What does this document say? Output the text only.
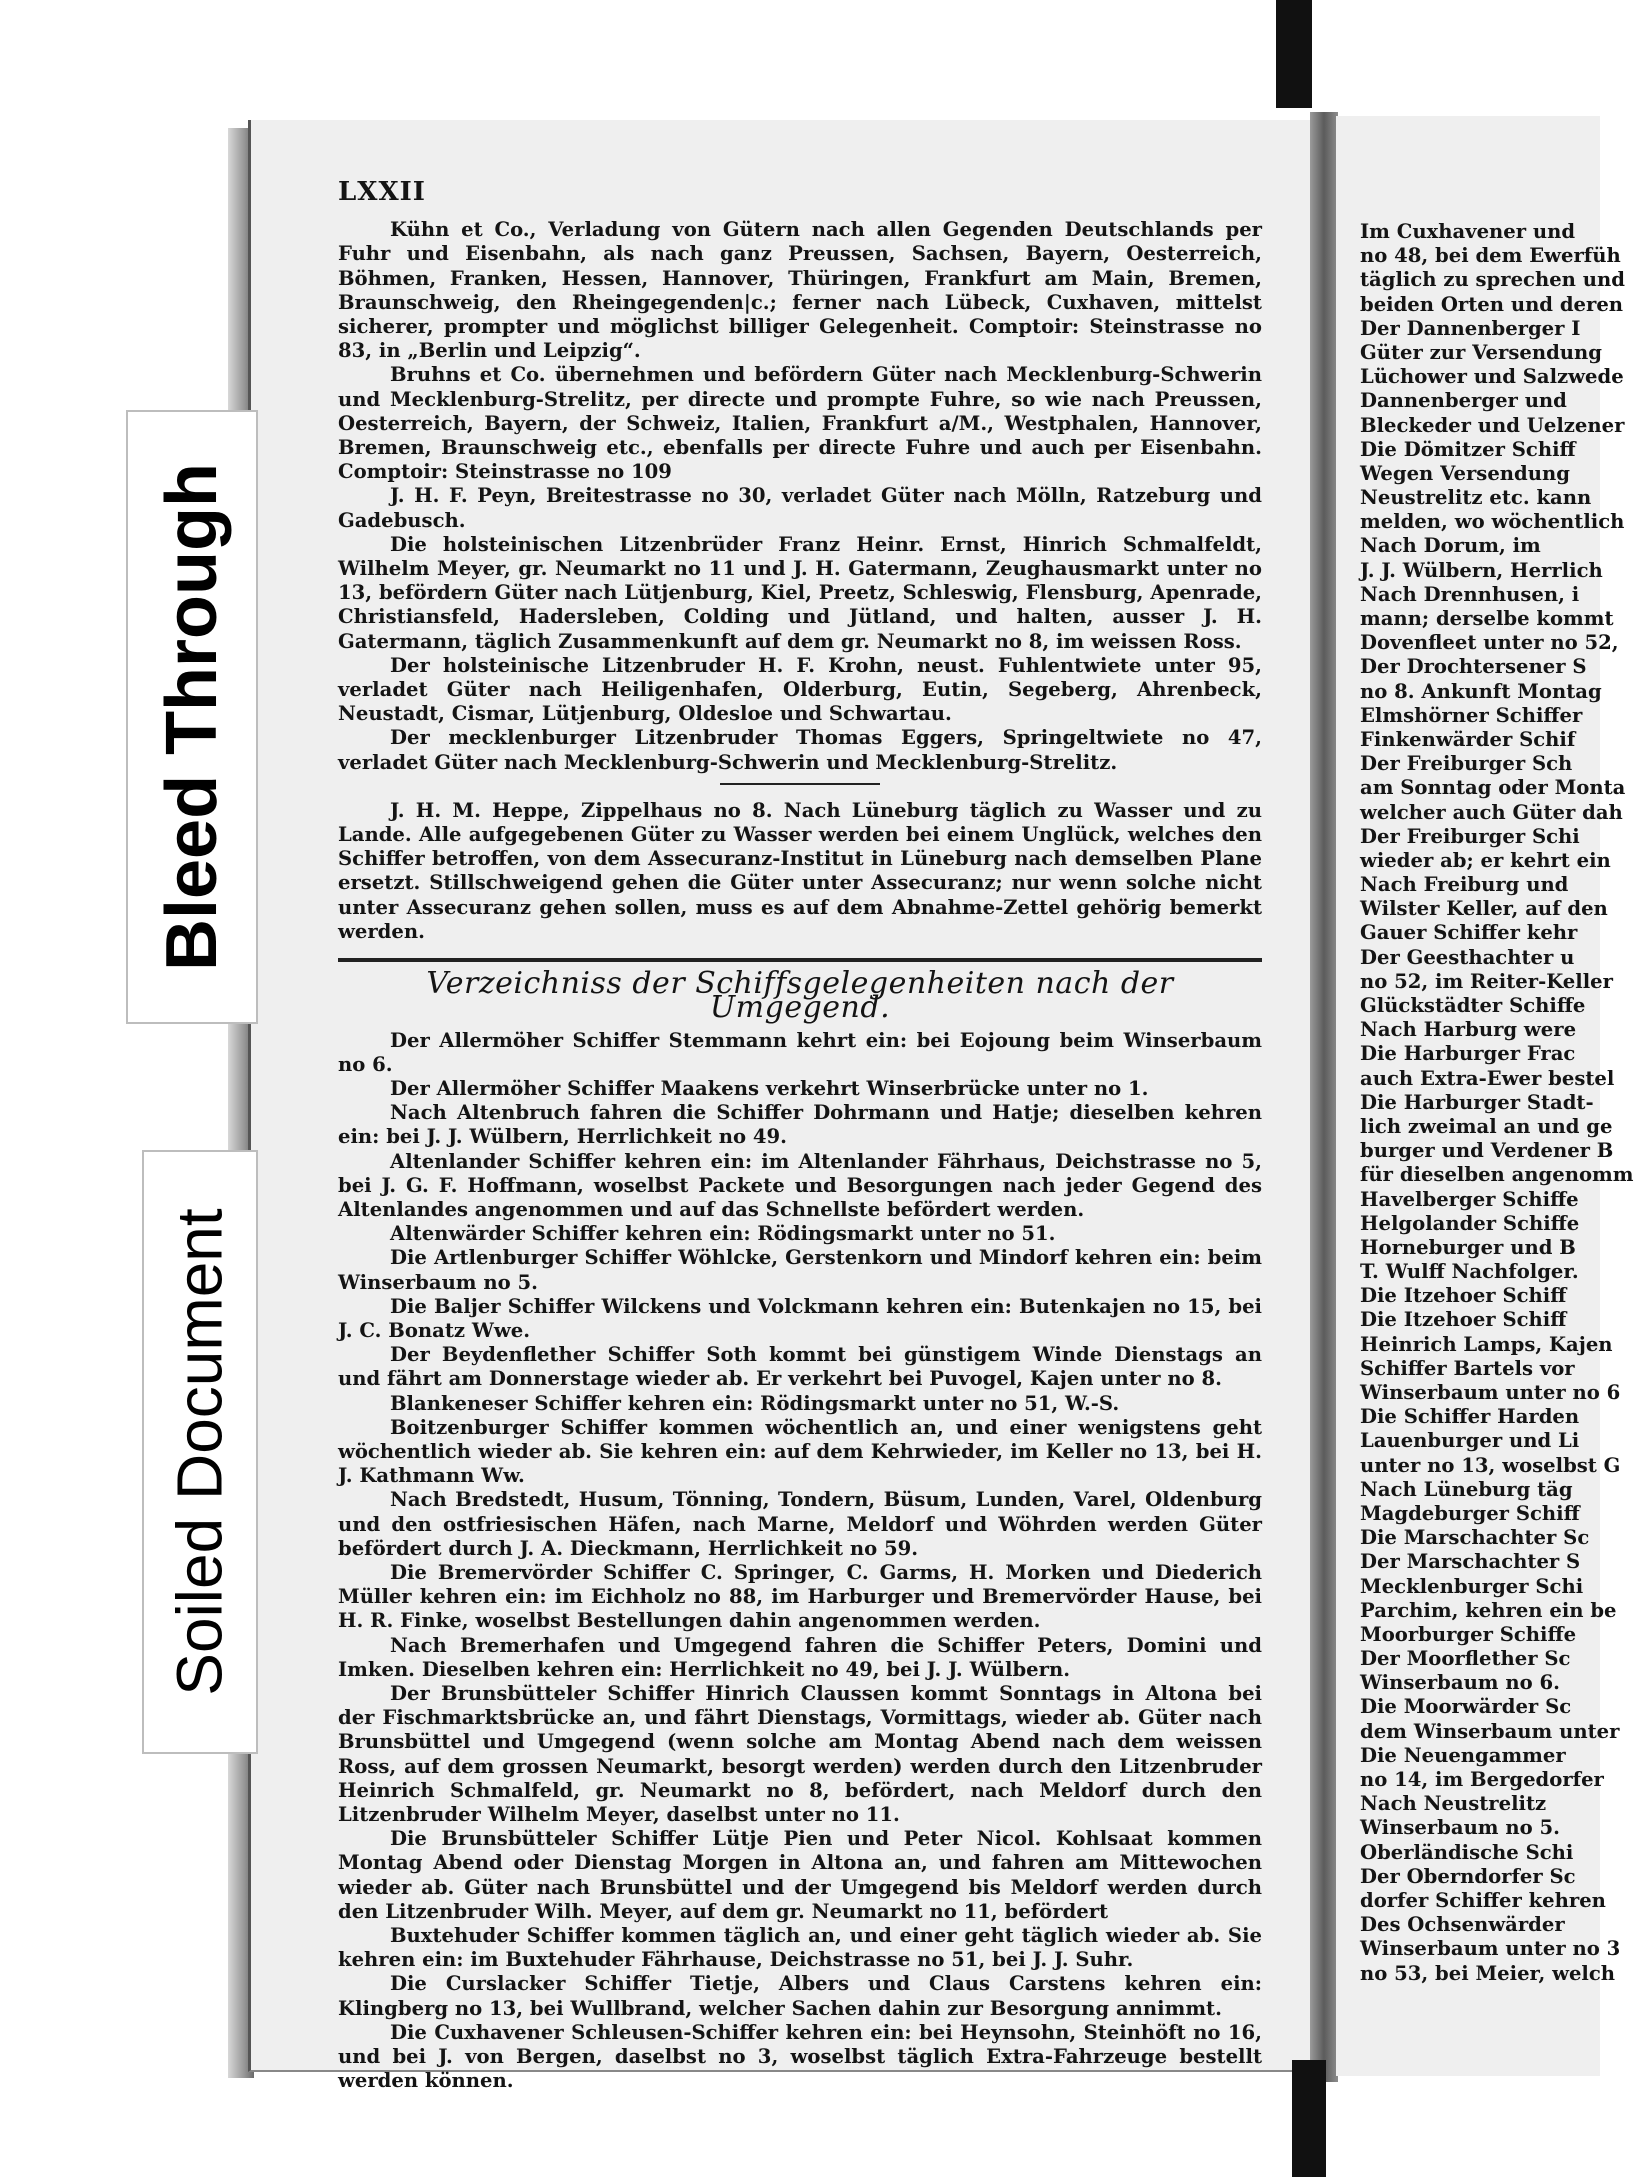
Bleed Through
Soiled Document
LXXII

Kühn et Co., Verladung von Gütern nach allen Gegenden Deutschlands per Fuhr und Eisenbahn, als nach ganz Preussen, Sachsen, Bayern, Oesterreich, Böhmen, Franken, Hessen, Hannover, Thüringen, Frankfurt am Main, Bremen, Braunschweig, den Rheingegenden|c.; ferner nach Lübeck, Cuxhaven, mittelst sicherer, prompter und möglichst billiger Gelegenheit. Comptoir: Steinstrasse no 83, in „Berlin und Leipzig“.

Bruhns et Co. übernehmen und befördern Güter nach Mecklenburg-Schwerin und Mecklenburg-Strelitz, per directe und prompte Fuhre, so wie nach Preussen, Oesterreich, Bayern, der Schweiz, Italien, Frankfurt a/M., Westphalen, Hannover, Bremen, Braunschweig etc., ebenfalls per directe Fuhre und auch per Eisenbahn. Comptoir: Steinstrasse no 109

J. H. F. Peyn, Breitestrasse no 30, verladet Güter nach Mölln, Ratzeburg und Gadebusch.

Die holsteinischen Litzenbrüder Franz Heinr. Ernst, Hinrich Schmalfeldt, Wilhelm Meyer, gr. Neumarkt no 11 und J. H. Gatermann, Zeughausmarkt unter no 13, befördern Güter nach Lütjenburg, Kiel, Preetz, Schleswig, Flensburg, Apenrade, Christiansfeld, Hadersleben, Colding und Jütland, und halten, ausser J. H. Gatermann, täglich Zusammenkunft auf dem gr. Neumarkt no 8, im weissen Ross.

Der holsteinische Litzenbruder H. F. Krohn, neust. Fuhlentwiete unter 95, verladet Güter nach Heiligenhafen, Olderburg, Eutin, Segeberg, Ahrenbeck, Neustadt, Cismar, Lütjenburg, Oldesloe und Schwartau.

Der mecklenburger Litzenbruder Thomas Eggers, Springeltwiete no 47, verladet Güter nach Mecklenburg-Schwerin und Mecklenburg-Strelitz.

J. H. M. Heppe, Zippelhaus no 8. Nach Lüneburg täglich zu Wasser und zu Lande. Alle aufgegebenen Güter zu Wasser werden bei einem Unglück, welches den Schiffer betroffen, von dem Assecuranz-Institut in Lüneburg nach demselben Plane ersetzt. Stillschweigend gehen die Güter unter Assecuranz; nur wenn solche nicht unter Assecuranz gehen sollen, muss es auf dem Abnahme-Zettel gehörig bemerkt werden.

Verzeichniss der Schiffsgelegenheiten nach der Umgegend.

Der Allermöher Schiffer Stemmann kehrt ein: bei Eojoung beim Winserbaum no 6.

Der Allermöher Schiffer Maakens verkehrt Winserbrücke unter no 1.

Nach Altenbruch fahren die Schiffer Dohrmann und Hatje; dieselben kehren ein: bei J. J. Wülbern, Herrlichkeit no 49.

Altenlander Schiffer kehren ein: im Altenlander Fährhaus, Deichstrasse no 5, bei J. G. F. Hoffmann, woselbst Packete und Besorgungen nach jeder Gegend des Altenlandes angenommen und auf das Schnellste befördert werden.

Altenwärder Schiffer kehren ein: Rödingsmarkt unter no 51.

Die Artlenburger Schiffer Wöhlcke, Gerstenkorn und Mindorf kehren ein: beim Winserbaum no 5.

Die Baljer Schiffer Wilckens und Volckmann kehren ein: Butenkajen no 15, bei J. C. Bonatz Wwe.

Der Beydenflether Schiffer Soth kommt bei günstigem Winde Dienstags an und fährt am Donnerstage wieder ab. Er verkehrt bei Puvogel, Kajen unter no 8.

Blankeneser Schiffer kehren ein: Rödingsmarkt unter no 51, W.-S.

Boitzenburger Schiffer kommen wöchentlich an, und einer wenigstens geht wöchentlich wieder ab. Sie kehren ein: auf dem Kehrwieder, im Keller no 13, bei H. J. Kathmann Ww.

Nach Bredstedt, Husum, Tönning, Tondern, Büsum, Lunden, Varel, Oldenburg und den ostfriesischen Häfen, nach Marne, Meldorf und Wöhrden werden Güter befördert durch J. A. Dieckmann, Herrlichkeit no 59.

Die Bremervörder Schiffer C. Springer, C. Garms, H. Morken und Diederich Müller kehren ein: im Eichholz no 88, im Harburger und Bremervörder Hause, bei H. R. Finke, woselbst Bestellungen dahin angenommen werden.

Nach Bremerhafen und Umgegend fahren die Schiffer Peters, Domini und Imken. Dieselben kehren ein: Herrlichkeit no 49, bei J. J. Wülbern.

Der Brunsbütteler Schiffer Hinrich Claussen kommt Sonntags in Altona bei der Fischmarktsbrücke an, und fährt Dienstags, Vormittags, wieder ab. Güter nach Brunsbüttel und Umgegend (wenn solche am Montag Abend nach dem weissen Ross, auf dem grossen Neumarkt, besorgt werden) werden durch den Litzenbruder Heinrich Schmalfeld, gr. Neumarkt no 8, befördert, nach Meldorf durch den Litzenbruder Wilhelm Meyer, daselbst unter no 11.

Die Brunsbütteler Schiffer Lütje Pien und Peter Nicol. Kohlsaat kommen Montag Abend oder Dienstag Morgen in Altona an, und fahren am Mittewochen wieder ab. Güter nach Brunsbüttel und der Umgegend bis Meldorf werden durch den Litzenbruder Wilh. Meyer, auf dem gr. Neumarkt no 11, befördert

Buxtehuder Schiffer kommen täglich an, und einer geht täglich wieder ab. Sie kehren ein: im Buxtehuder Fährhause, Deichstrasse no 51, bei J. J. Suhr.

Die Curslacker Schiffer Tietje, Albers und Claus Carstens kehren ein: Klingberg no 13, bei Wullbrand, welcher Sachen dahin zur Besorgung annimmt.

Die Cuxhavener Schleusen-Schiffer kehren ein: bei Heynsohn, Steinhöft no 16, und bei J. von Bergen, daselbst no 3, woselbst täglich Extra-Fahrzeuge bestellt werden können.

Im Cuxhavener und
no 48, bei dem Ewerfüh
täglich zu sprechen und
beiden Orten und deren
Der Dannenberger I
Güter zur Versendung
Lüchower und Salzwede
Dannenberger und
Bleckeder und Uelzener
Die Dömitzer Schiff
Wegen Versendung
Neustrelitz etc. kann
melden, wo wöchentlich
Nach Dorum, im
J. J. Wülbern, Herrlich
Nach Drennhusen, i
mann; derselbe kommt
Dovenfleet unter no 52,
Der Drochtersener S
no 8. Ankunft Montag
Elmshörner Schiffer
Finkenwärder Schif
Der Freiburger Sch
am Sonntag oder Monta
welcher auch Güter dah
Der Freiburger Schi
wieder ab; er kehrt ein
Nach Freiburg und
Wilster Keller, auf den
Gauer Schiffer kehr
Der Geesthachter u
no 52, im Reiter-Keller
Glückstädter Schiffe
Nach Harburg were
Die Harburger Frac
auch Extra-Ewer bestel
Die Harburger Stadt-
lich zweimal an und ge
burger und Verdener B
für dieselben angenomm
Havelberger Schiffe
Helgolander Schiffe
Horneburger und B
T. Wulff Nachfolger.
Die Itzehoer Schiff
Die Itzehoer Schiff
Heinrich Lamps, Kajen
Schiffer Bartels vor
Winserbaum unter no 6
Die Schiffer Harden
Lauenburger und Li
unter no 13, woselbst G
Nach Lüneburg täg
Magdeburger Schiff
Die Marschachter Sc
Der Marschachter S
Mecklenburger Schi
Parchim, kehren ein be
Moorburger Schiffe
Der Moorflether Sc
Winserbaum no 6.
Die Moorwärder Sc
dem Winserbaum unter
Die Neuengammer
no 14, im Bergedorfer
Nach Neustrelitz
Winserbaum no 5.
Oberländische Schi
Der Oberndorfer Sc
dorfer Schiffer kehren
Des Ochsenwärder
Winserbaum unter no 3
no 53, bei Meier, welch
